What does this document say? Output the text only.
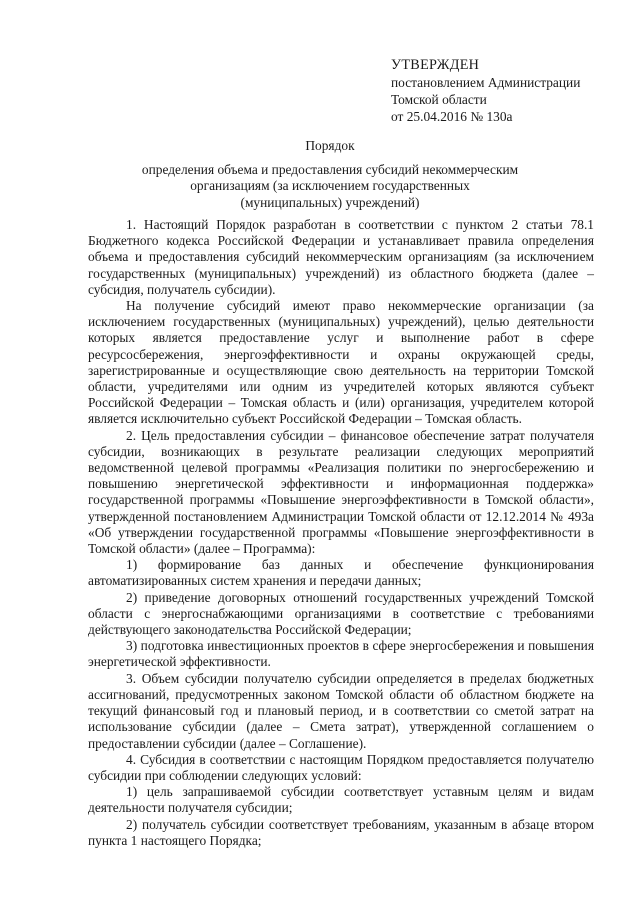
УТВЕРЖДЕН
постановлением Администрации
Томской области
от 25.04.2016 № 130а
Порядок
определения объема и предоставления субсидий некоммерческим
организациям (за исключением государственных
(муниципальных) учреждений)

1. Настоящий Порядок разработан в соответствии с пунктом 2 статьи 78.1 Бюджетного кодекса Российской Федерации и устанавливает правила определения объема и предоставления субсидий некоммерческим организациям (за исключением государственных (муниципальных) учреждений) из областного бюджета (далее – субсидия, получатель субсидии).

На получение субсидий имеют право некоммерческие организации (за исключением государственных (муниципальных) учреждений), целью деятельности которых является предоставление услуг и выполнение работ в сфере ресурсосбережения, энергоэффективности и охраны окружающей среды, зарегистрированные и осуществляющие свою деятельность на территории Томской области, учредителями или одним из учредителей которых являются субъект Российской Федерации – Томская область и (или) организация, учредителем которой является исключительно субъект Российской Федерации – Томская область.

2. Цель предоставления субсидии – финансовое обеспечение затрат получателя субсидии, возникающих в результате реализации следующих мероприятий ведомственной целевой программы «Реализация политики по энергосбережению и повышению энергетической эффективности и информационная поддержка» государственной программы «Повышение энергоэффективности в Томской области», утвержденной постановлением Администрации Томской области от 12.12.2014 № 493а «Об утверждении государственной программы «Повышение энергоэффективности в Томской области» (далее – Программа):

1) формирование баз данных и обеспечение функционирования автоматизированных систем хранения и передачи данных;

2) приведение договорных отношений государственных учреждений Томской области с энергоснабжающими организациями в соответствие с требованиями действующего законодательства Российской Федерации;

3) подготовка инвестиционных проектов в сфере энергосбережения и повышения энергетической эффективности.

3. Объем субсидии получателю субсидии определяется в пределах бюджетных ассигнований, предусмотренных законом Томской области об областном бюджете на текущий финансовый год и плановый период, и в соответствии со сметой затрат на использование субсидии (далее – Смета затрат), утвержденной соглашением о предоставлении субсидии (далее – Соглашение).

4. Субсидия в соответствии с настоящим Порядком предоставляется получателю субсидии при соблюдении следующих условий:

1) цель запрашиваемой субсидии соответствует уставным целям и видам деятельности получателя субсидии;

2) получатель субсидии соответствует требованиям, указанным в абзаце втором пункта 1 настоящего Порядка;
